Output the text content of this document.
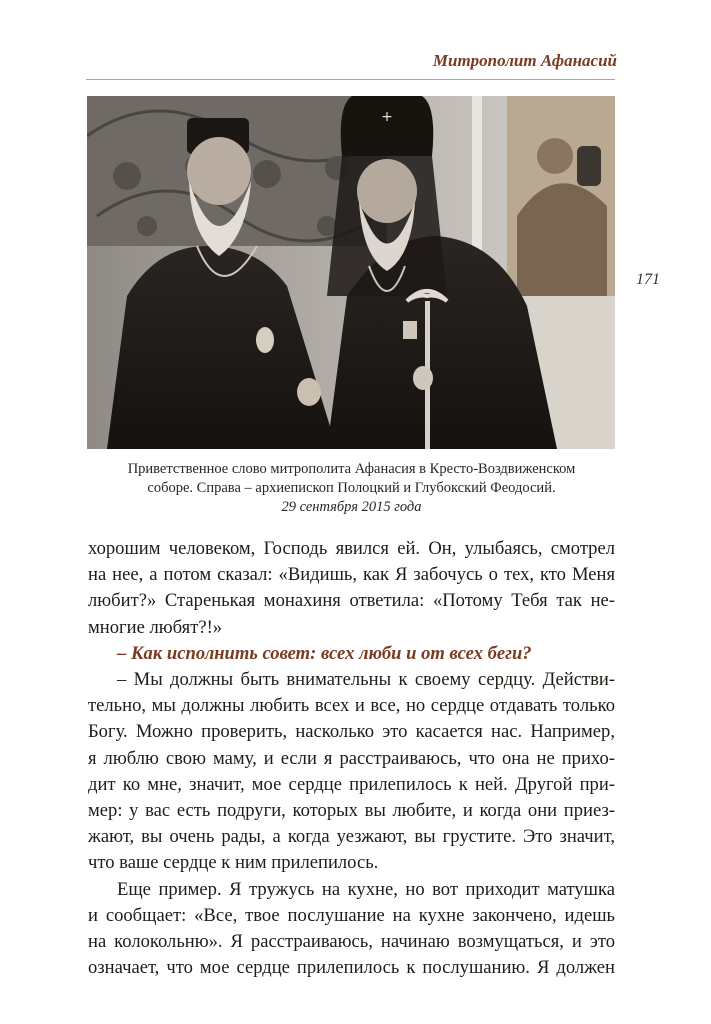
Митрополит Афанасий
171
+
Приветственное слово митрополита Афанасия в Кресто-Воздвиженском
соборе. Справа – архиепископ Полоцкий и Глубокский Феодосий.
29 сентября 2015 года

хорошим человеком, Господь явился ей. Он, улыбаясь, смотрел
на нее, а потом сказал: «Видишь, как Я забочусь о тех, кто Меня
любит?» Старенькая монахиня ответила: «Потому Тебя так не-
многие любят?!»

– Как исполнить совет: всех люби и от всех беги?

– Мы должны быть внимательны к своему сердцу. Действи-
тельно, мы должны любить всех и все, но сердце отдавать только
Богу. Можно проверить, насколько это касается нас. Например,
я люблю свою маму, и если я расстраиваюсь, что она не прихо-
дит ко мне, значит, мое сердце прилепилось к ней. Другой при-
мер: у вас есть подруги, которых вы любите, и когда они приез-
жают, вы очень рады, а когда уезжают, вы грустите. Это значит,
что ваше сердце к ним прилепилось.

Еще пример. Я тружусь на кухне, но вот приходит матушка
и сообщает: «Все, твое послушание на кухне закончено, идешь
на колокольню». Я расстраиваюсь, начинаю возмущаться, и это
означает, что мое сердце прилепилось к послушанию. Я должен
